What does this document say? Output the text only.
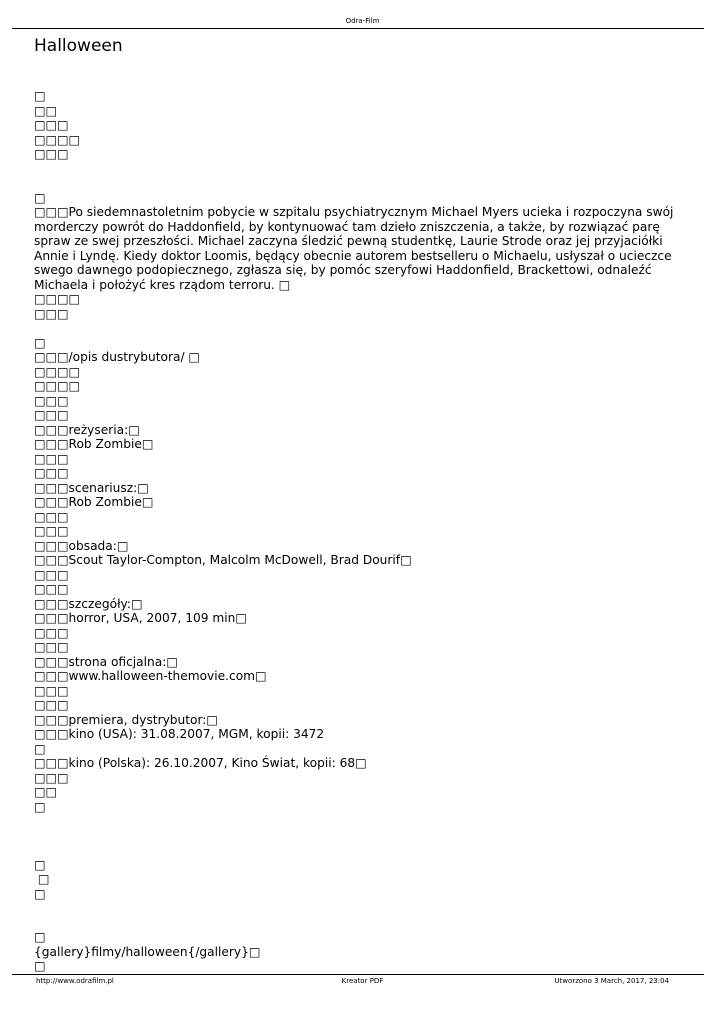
Odra-Film
Halloween
□
□□
□□□
□□□□
□□□
□
□□□Po siedemnastoletnim pobycie w szpitalu psychiatrycznym Michael Myers ucieka i rozpoczyna swój morderczy powrót do Haddonfield, by kontynuować tam dzieło zniszczenia, a także, by rozwiązać parę spraw ze swej przeszłości. Michael zaczyna śledzić pewną studentkę, Laurie Strode oraz jej przyjaciółki Annie i Lyndę. Kiedy doktor Loomis, będący obecnie autorem bestselleru o Michaelu, usłyszał o ucieczce swego dawnego podopiecznego, zgłasza się, by pomóc szeryfowi Haddonfield, Brackettowi, odnaleźć Michaela i położyć kres rządom terroru. □
□□□□
□□□
□
□□□/opis dustrybutora/ □
□□□□
□□□□
□□□
□□□
□□□reżyseria:□
□□□Rob Zombie□
□□□
□□□
□□□scenariusz:□
□□□Rob Zombie□
□□□
□□□
□□□obsada:□
□□□Scout Taylor-Compton, Malcolm McDowell, Brad Dourif□
□□□
□□□
□□□szczegóły:□
□□□horror, USA, 2007, 109 min□
□□□
□□□
□□□strona oficjalna:□
□□□www.halloween-themovie.com□
□□□
□□□
□□□premiera, dystrybutor:□
□□□kino (USA): 31.08.2007, MGM, kopii: 3472
□
□□□kino (Polska): 26.10.2007, Kino Świat, kopii: 68□
□□□
□□
□
□
□
□
□
{gallery}filmy/halloween{/gallery}□
□
http://www.odrafilm.pl	Kreator PDF	Utworzono 3 March, 2017, 23:04
